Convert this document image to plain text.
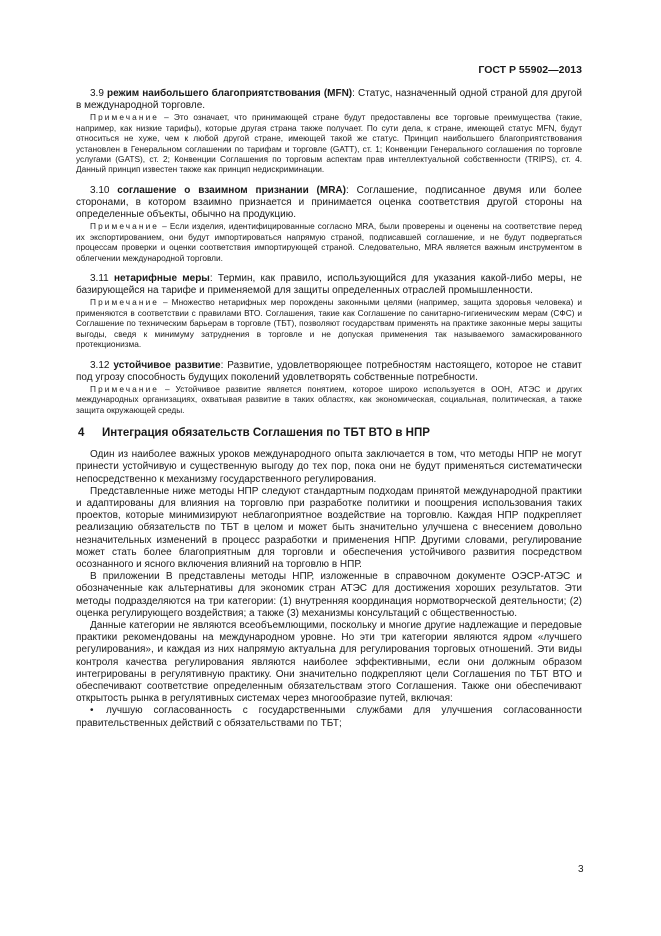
ГОСТ Р 55902—2013

3.9 режим наибольшего благоприятствования (MFN): Статус, назначенный одной страной для другой в международной торговле.

Примечание – Это означает, что принимающей стране будут предоставлены все торговые преимущества (такие, например, как низкие тарифы), которые другая страна также получает. По сути дела, к стране, имеющей статус MFN, будут относиться не хуже, чем к любой другой стране, имеющей такой же статус. Принцип наибольшего благоприятствования установлен в Генеральном соглашении по тарифам и торговле (GATT), ст. 1; Конвенции Генерального соглашения по торговле услугами (GATS), ст. 2; Конвенции Соглашения по торговым аспектам прав интеллектуальной собственности (TRIPS), ст. 4. Данный принцип известен также как принцип недискриминации.

3.10 соглашение о взаимном признании (MRA): Соглашение, подписанное двумя или более сторонами, в котором взаимно признается и принимается оценка соответствия другой стороны на определенные объекты, обычно на продукцию.

Примечание – Если изделия, идентифицированные согласно MRA, были проверены и оценены на соответствие перед их экспортированием, они будут импортироваться напрямую страной, подписавшей соглашение, и не будут подвергаться процессам проверки и оценки соответствия импортирующей страной. Следовательно, MRA является важным инструментом в облегчении международной торговли.

3.11 нетарифные меры: Термин, как правило, использующийся для указания какой-либо меры, не базирующейся на тарифе и применяемой для защиты определенных отраслей промышленности.

Примечание – Множество нетарифных мер порождены законными целями (например, защита здоровья человека) и применяются в соответствии с правилами ВТО. Соглашения, такие как Соглашение по санитарно-гигиеническим мерам (СФС) и Соглашение по техническим барьерам в торговле (ТБТ), позволяют государствам применять на практике законные меры защиты выгоды, сведя к минимуму затруднения в торговле и не допуская применения так называемого замаскированного протекционизма.

3.12 устойчивое развитие: Развитие, удовлетворяющее потребностям настоящего, которое не ставит под угрозу способность будущих поколений удовлетворять собственные потребности.

Примечание – Устойчивое развитие является понятием, которое широко используется в ООН, АТЭС и других международных организациях, охватывая развитие в таких областях, как экономическая, социальная, политическая, а также защита окружающей среды.

4 Интеграция обязательств Соглашения по ТБТ ВТО в НПР

Один из наиболее важных уроков международного опыта заключается в том, что методы НПР не могут принести устойчивую и существенную выгоду до тех пор, пока они не будут применяться систематически непосредственно к механизму государственного регулирования.

Представленные ниже методы НПР следуют стандартным подходам принятой международной практики и адаптированы для влияния на торговлю при разработке политики и поощрения использования таких проектов, которые минимизируют неблагоприятное воздействие на торговлю. Каждая НПР подкрепляет реализацию обязательств по ТБТ в целом и может быть значительно улучшена с внесением довольно незначительных изменений в процесс разработки и применения НПР. Другими словами, регулирование может стать более благоприятным для торговли и обеспечения устойчивого развития посредством осознанного и ясного включения влияний на торговлю в НПР.

В приложении В представлены методы НПР, изложенные в справочном документе ОЭСР-АТЭС и обозначенные как альтернативы для экономик стран АТЭС для достижения хороших результатов. Эти методы подразделяются на три категории: (1) внутренняя координация нормотворческой деятельности; (2) оценка регулирующего воздействия; а также (3) механизмы консультаций с общественностью.

Данные категории не являются всеобъемлющими, поскольку и многие другие надлежащие и передовые практики рекомендованы на международном уровне. Но эти три категории являются ядром «лучшего регулирования», и каждая из них напрямую актуальна для регулирования торговых отношений. Эти виды контроля качества регулирования являются наиболее эффективными, если они должным образом интегрированы в регулятивную практику. Они значительно подкрепляют цели Соглашения по ТБТ ВТО и обеспечивают соответствие определенным обязательствам этого Соглашения. Также они обеспечивают открытость рынка в регулятивных системах через многообразие путей, включая:

• лучшую согласованность с государственными службами для улучшения согласованности правительственных действий с обязательствами по ТБТ;
3
